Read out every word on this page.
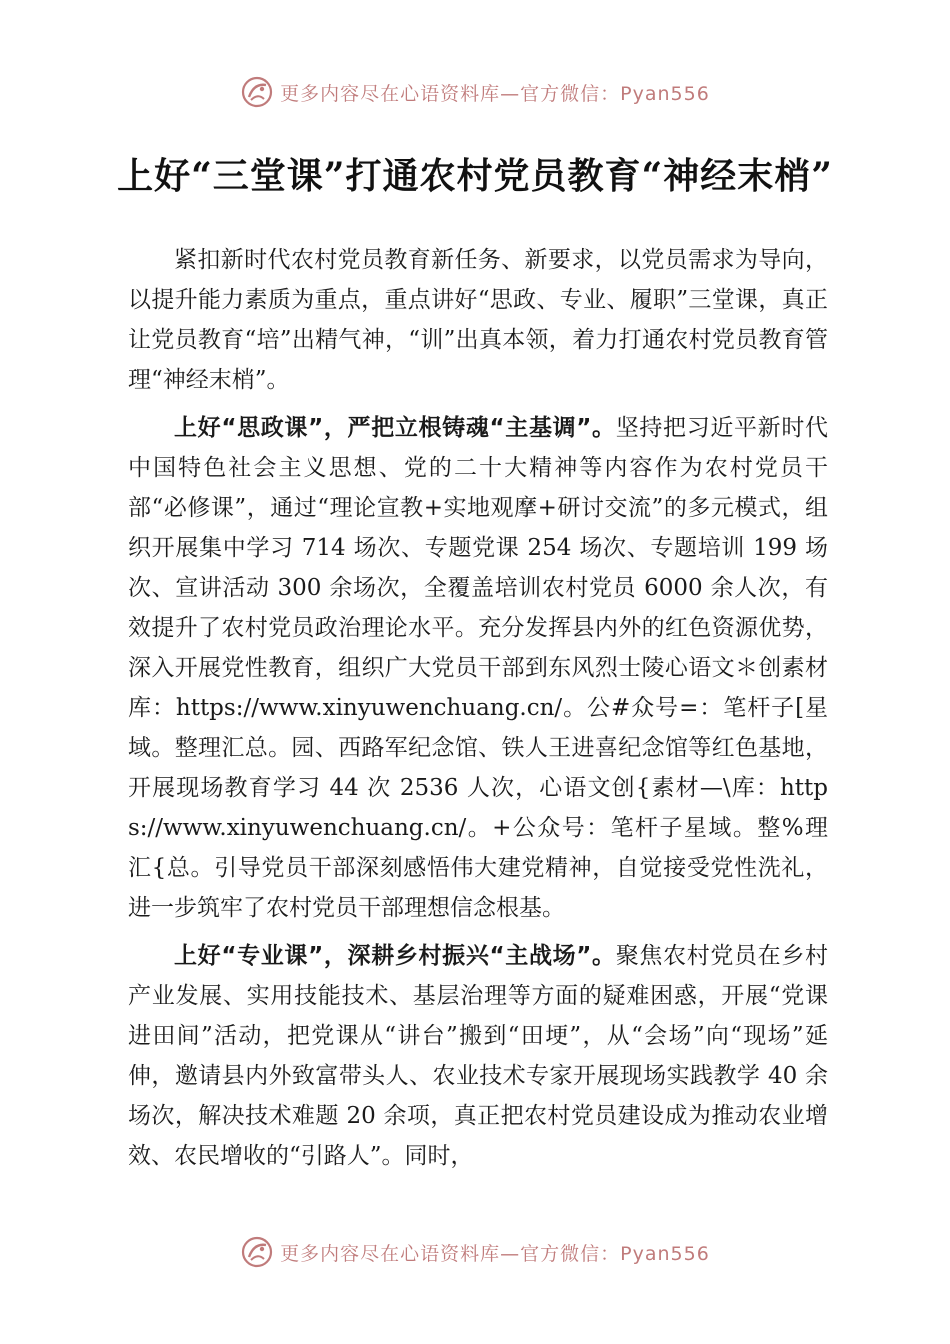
更多内容尽在心语资料库—官方微信：Pyan556
上好“三堂课”打通农村党员教育“神经末梢”

紧扣新时代农村党员教育新任务、新要求，以党员需求为导向，以提升能力素质为重点，重点讲好“思政、专业、履职”三堂课，真正让党员教育“培”出精气神，“训”出真本领，着力打通农村党员教育管理“神经末梢”。

上好“思政课”，严把立根铸魂“主基调”。坚持把习近平新时代中国特色社会主义思想、党的二十大精神等内容作为农村党员干部“必修课”，通过“理论宣教+实地观摩+研讨交流”的多元模式，组织开展集中学习 714 场次、专题党课 254 场次、专题培训 199 场次、宣讲活动 300 余场次，全覆盖培训农村党员 6000 余人次，有效提升了农村党员政治理论水平。充分发挥县内外的红色资源优势，深入开展党性教育，组织广大党员干部到东风烈士陵心语文＊创素材库：https://www.xinyuwenchuang.cn/。公#众号=：笔杆子[星域。整理汇总。园、西路军纪念馆、铁人王进喜纪念馆等红色基地，开展现场教育学习 44 次 2536 人次，心语文创{素材—\库：https://www.xinyuwenchuang.cn/。+公众号：笔杆子星域。整%理汇{总。引导党员干部深刻感悟伟大建党精神，自觉接受党性洗礼，进一步筑牢了农村党员干部理想信念根基。

上好“专业课”，深耕乡村振兴“主战场”。聚焦农村党员在乡村产业发展、实用技能技术、基层治理等方面的疑难困惑，开展“党课进田间”活动，把党课从“讲台”搬到“田埂”，从“会场”向“现场”延伸，邀请县内外致富带头人、农业技术专家开展现场实践教学 40 余场次，解决技术难题 20 余项，真正把农村党员建设成为推动农业增效、农民增收的“引路人”。同时，

更多内容尽在心语资料库—官方微信：Pyan556
